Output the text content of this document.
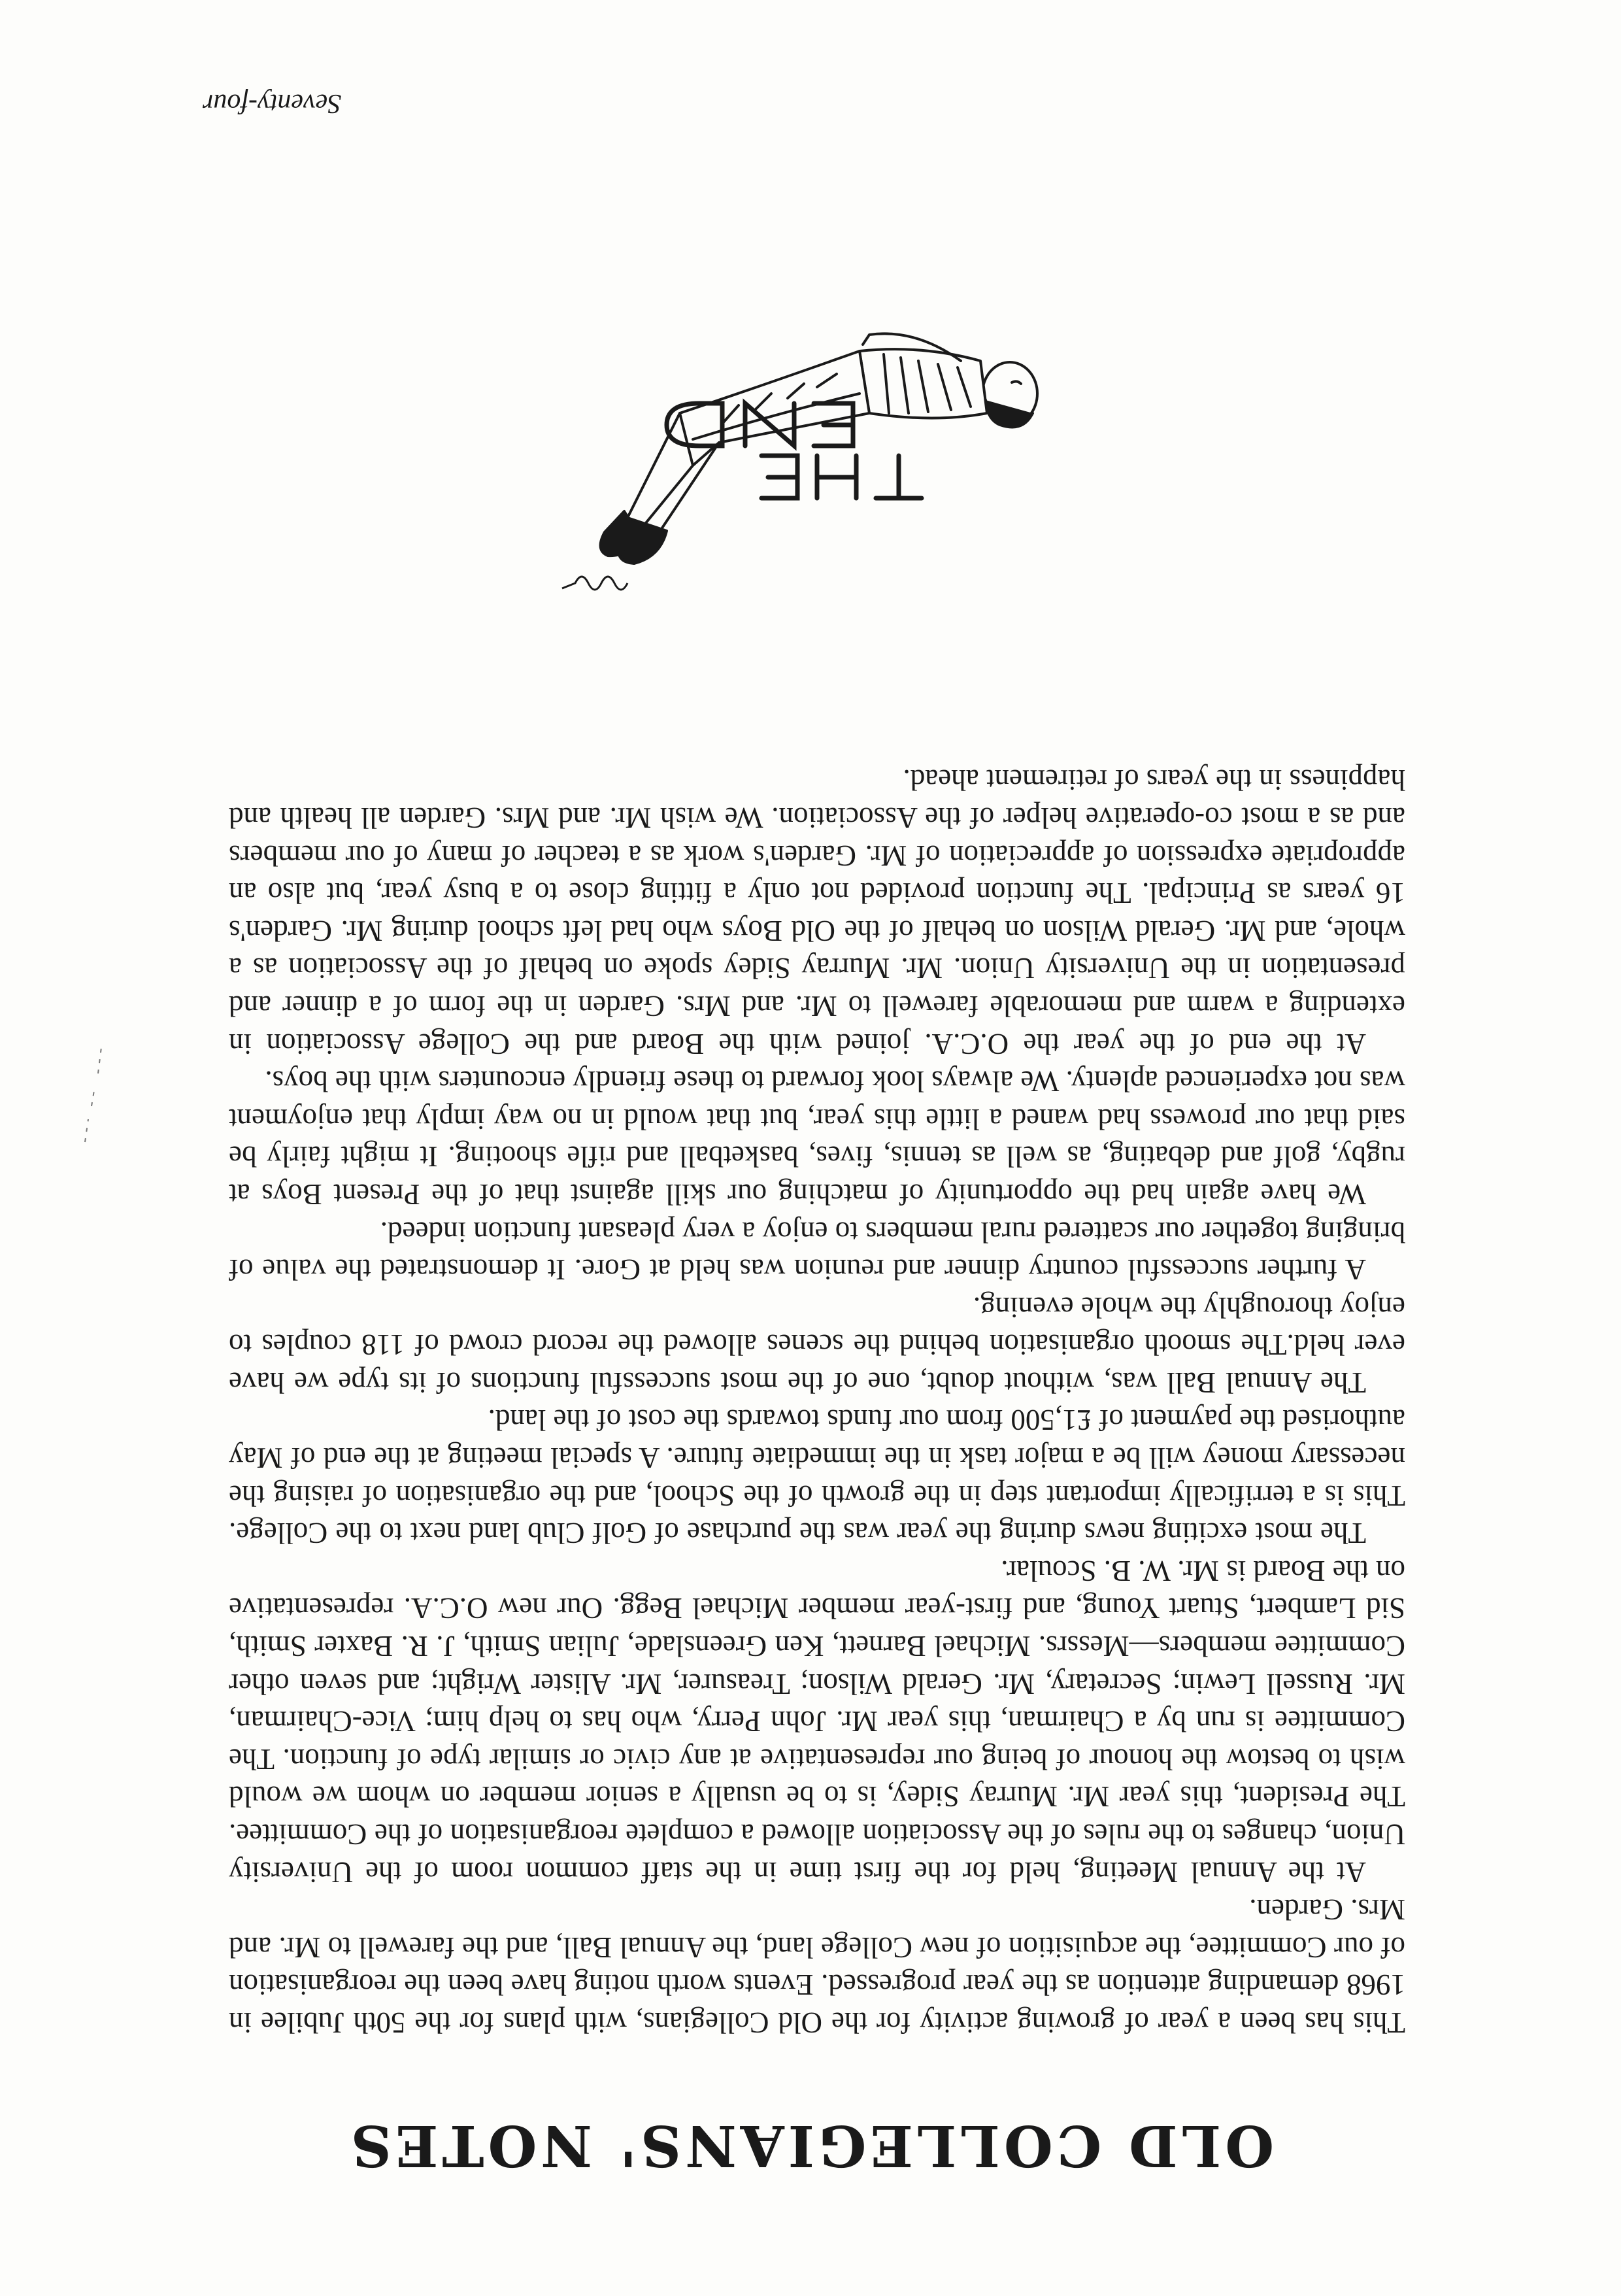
OLD COLLEGIANS' NOTES

This has been a year of growing activity for the Old Collegians, with plans for the 50th Jubilee in 1968 demanding attention as the year progressed. Events worth noting have been the reorganisation of our Committee, the acquisition of new College land, the Annual Ball, and the farewell to Mr. and Mrs. Garden.

At the Annual Meeting, held for the first time in the staff common room of the University Union, changes to the rules of the Association allowed a complete reorganisation of the Committee. The President, this year Mr. Murray Sidey, is to be usually a senior member on whom we would wish to bestow the honour of being our representative at any civic or similar type of function. The Committee is run by a Chairman, this year Mr. John Perry, who has to help him; Vice-Chairman, Mr. Russell Lewin; Secretary, Mr. Gerald Wilson; Treasurer, Mr. Alister Wright; and seven other Committee members—Messrs. Michael Barnett, Ken Greenslade, Julian Smith, J. R. Baxter Smith, Sid Lambert, Stuart Young, and first-year member Michael Begg. Our new O.C.A. representative on the Board is Mr. W. B. Scoular.

The most exciting news during the year was the purchase of Golf Club land next to the College. This is a terrifically important step in the growth of the School, and the organisation of raising the necessary money will be a major task in the immediate future. A special meeting at the end of May authorised the payment of £1,500 from our funds towards the cost of the land.

The Annual Ball was, without doubt, one of the most successful functions of its type we have ever held.The smooth organisation behind the scenes allowed the record crowd of 118 couples to enjoy thoroughly the whole evening.

A further successful country dinner and reunion was held at Gore. It demonstrated the value of bringing together our scattered rural members to enjoy a very pleasant function indeed.

We have again had the opportunity of matching our skill against that of the Present Boys at rugby, golf and debating, as well as tennis, fives, basketball and rifle shooting. It might fairly be said that our prowess had waned a little this year, but that would in no way imply that enjoyment was not experienced aplenty. We always look forward to these friendly encounters with the boys.

At the end of the year the O.C.A. joined with the Board and the College Association in extending a warm and memorable farewell to Mr. and Mrs. Garden in the form of a dinner and presentation in the University Union. Mr. Murray Sidey spoke on behalf of the Association as a whole, and Mr. Gerald Wilson on behalf of the Old Boys who had left school during Mr. Garden's 16 years as Principal. The function provided not only a fitting close to a busy year, but also an appropriate expression of appreciation of Mr. Garden's work as a teacher of many of our members and as a most co-operative helper of the Association. We wish Mr. and Mrs. Garden all health and happiness in the years of retirement ahead.

Seventy-four
